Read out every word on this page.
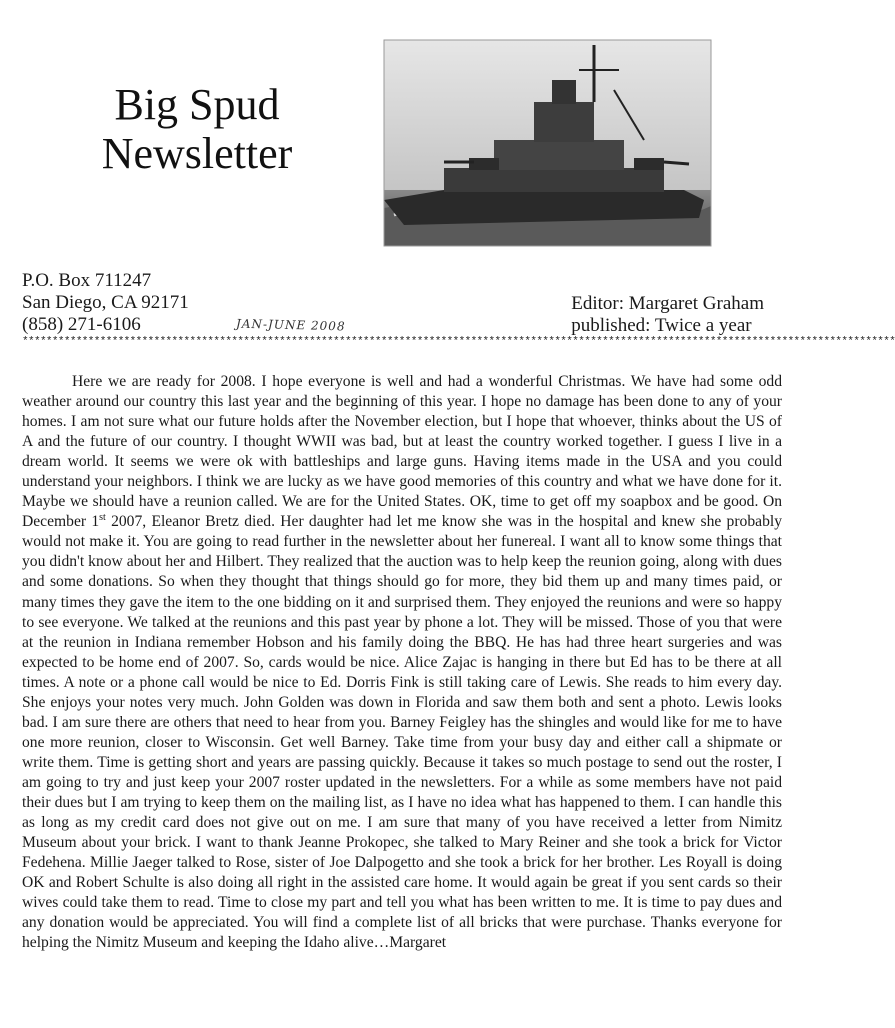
Big Spud
Newsletter
P.O. Box 711247
San Diego, CA 92171
(858) 271-6106	JAN-JUNE 2008
Editor: Margaret Graham
published: Twice a year
**************************************************************************************************************************************************
Here we are ready for 2008. I hope everyone is well and had a wonderful Christmas. We have had some odd weather around our country this last year and the beginning of this year. I hope no damage has been done to any of your homes. I am not sure what our future holds after the November election, but I hope that whoever, thinks about the US of A and the future of our country. I thought WWII was bad, but at least the country worked together. I guess I live in a dream world. It seems we were ok with battleships and large guns. Having items made in the USA and you could understand your neighbors. I think we are lucky as we have good memories of this country and what we have done for it. Maybe we should have a reunion called. We are for the United States. OK, time to get off my soapbox and be good. On December 1st 2007, Eleanor Bretz died. Her daughter had let me know she was in the hospital and knew she probably would not make it. You are going to read further in the newsletter about her funereal. I want all to know some things that you didn't know about her and Hilbert. They realized that the auction was to help keep the reunion going, along with dues and some donations. So when they thought that things should go for more, they bid them up and many times paid, or many times they gave the item to the one bidding on it and surprised them. They enjoyed the reunions and were so happy to see everyone. We talked at the reunions and this past year by phone a lot. They will be missed. Those of you that were at the reunion in Indiana remember Hobson and his family doing the BBQ. He has had three heart surgeries and was expected to be home end of 2007. So, cards would be nice. Alice Zajac is hanging in there but Ed has to be there at all times. A note or a phone call would be nice to Ed. Dorris Fink is still taking care of Lewis. She reads to him every day. She enjoys your notes very much. John Golden was down in Florida and saw them both and sent a photo. Lewis looks bad. I am sure there are others that need to hear from you. Barney Feigley has the shingles and would like for me to have one more reunion, closer to Wisconsin. Get well Barney. Take time from your busy day and either call a shipmate or write them. Time is getting short and years are passing quickly. Because it takes so much postage to send out the roster, I am going to try and just keep your 2007 roster updated in the newsletters. For a while as some members have not paid their dues but I am trying to keep them on the mailing list, as I have no idea what has happened to them. I can handle this as long as my credit card does not give out on me. I am sure that many of you have received a letter from Nimitz Museum about your brick. I want to thank Jeanne Prokopec, she talked to Mary Reiner and she took a brick for Victor Fedehena. Millie Jaeger talked to Rose, sister of Joe Dalpogetto and she took a brick for her brother. Les Royall is doing OK and Robert Schulte is also doing all right in the assisted care home. It would again be great if you sent cards so their wives could take them to read. Time to close my part and tell you what has been written to me. It is time to pay dues and any donation would be appreciated. You will find a complete list of all bricks that were purchase. Thanks everyone for helping the Nimitz Museum and keeping the Idaho alive…Margaret
